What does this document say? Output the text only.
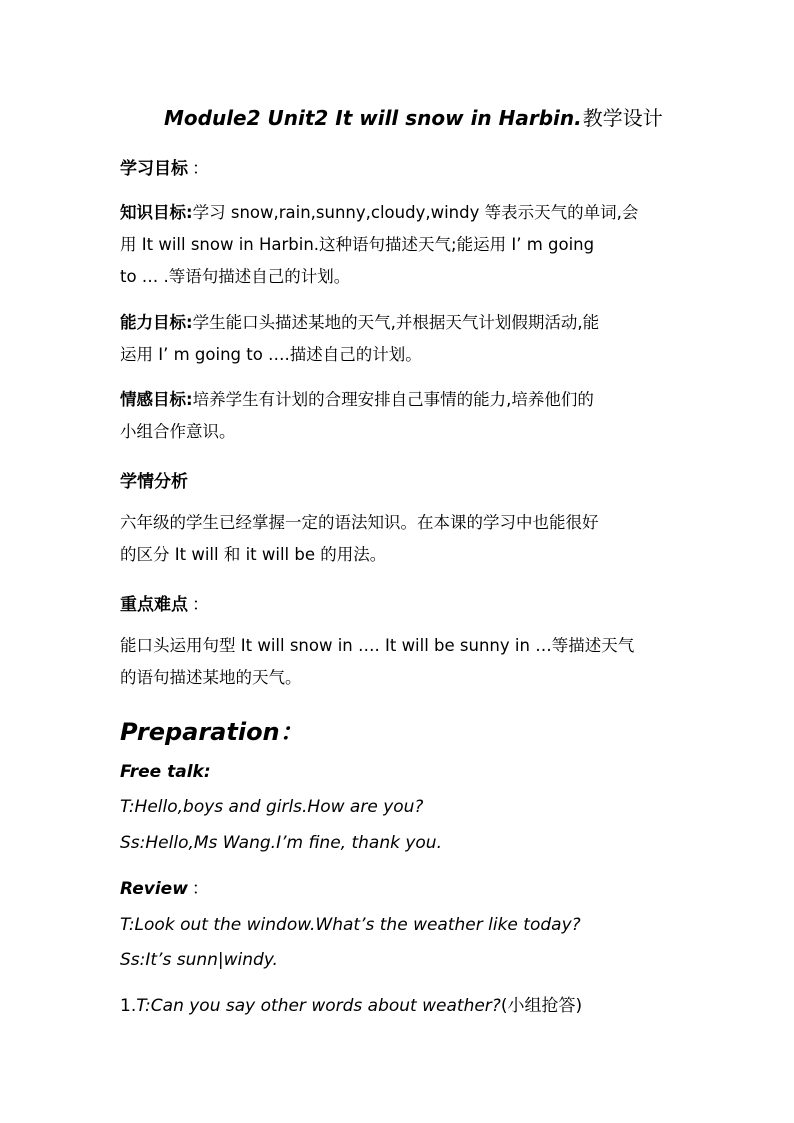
Module2 Unit2 It will snow in Harbin.教学设计
学习目标 ：
知识目标:学习 snow,rain,sunny,cloudy,windy 等表示天气的单词,会
用 It will snow in Harbin.这种语句描述天气;能运用 I’ m going
to … .等语句描述自己的计划。
能力目标:学生能口头描述某地的天气,并根据天气计划假期活动,能
运用 I’ m going to ….描述自己的计划。
情感目标:培养学生有计划的合理安排自己事情的能力,培养他们的
小组合作意识。
学情分析
六年级的学生已经掌握一定的语法知识。在本课的学习中也能很好
的区分 It will 和 it will be 的用法。
重点难点 ：
能口头运用句型 It will snow in …. It will be sunny in …等描述天气
的语句描述某地的天气。
Preparation：
Free talk:
T:Hello,boys and girls.How are you?
Ss:Hello,Ms Wang.I’m fine, thank you.
Review ：
T:Look out the window.What’s the weather like today?
Ss:It’s sunn|windy.
1.T:Can you say other words about weather?(小组抢答)
